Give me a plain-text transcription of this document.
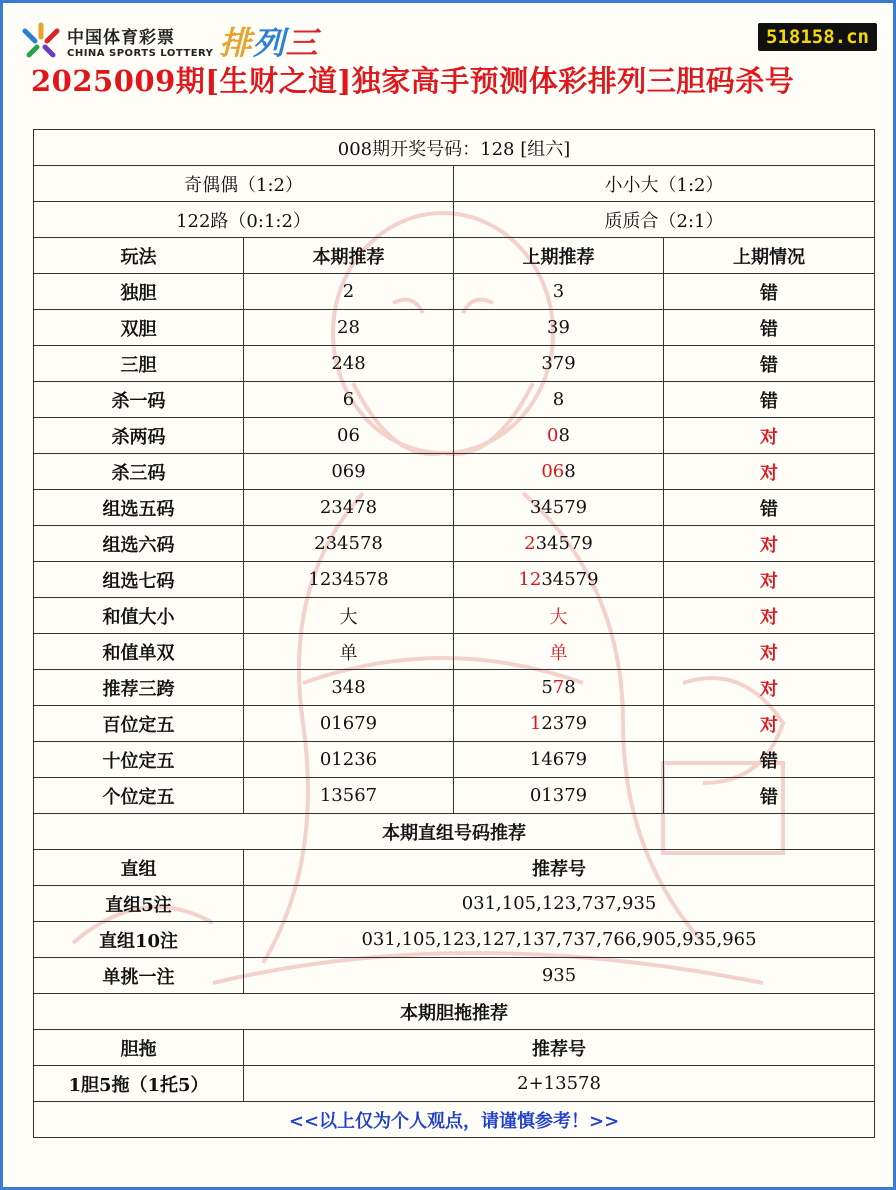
中国体育彩票
CHINA SPORTS LOTTERY 排列三	518158.cn
2025009期[生财之道]独家高手预测体彩排列三胆码杀号
008期开奖号码：128 [组六]			
奇偶偶（1:2）		小小大（1:2）	
122路（0:1:2）		质质合（2:1）	
玩法	本期推荐	上期推荐	上期情况
独胆	2	3	错
双胆	28	39	错
三胆	248	379	错
杀一码	6	8	错
杀两码	06	08	对
杀三码	069	068	对
组选五码	23478	34579	错
组选六码	234578	234579	对
组选七码	1234578	1234579	对
和值大小	大	大	对
和值单双	单	单	对
推荐三跨	348	578	对
百位定五	01679	12379	对
十位定五	01236	14679	错
个位定五	13567	01379	错
本期直组号码推荐			
直组	推荐号		
直组5注	031,105,123,737,935		
直组10注	031,105,123,127,137,737,766,905,935,965		
单挑一注	935		
本期胆拖推荐			
胆拖	推荐号		
1胆5拖（1托5）	2+13578		
<<以上仅为个人观点，请谨慎参考！>>			
